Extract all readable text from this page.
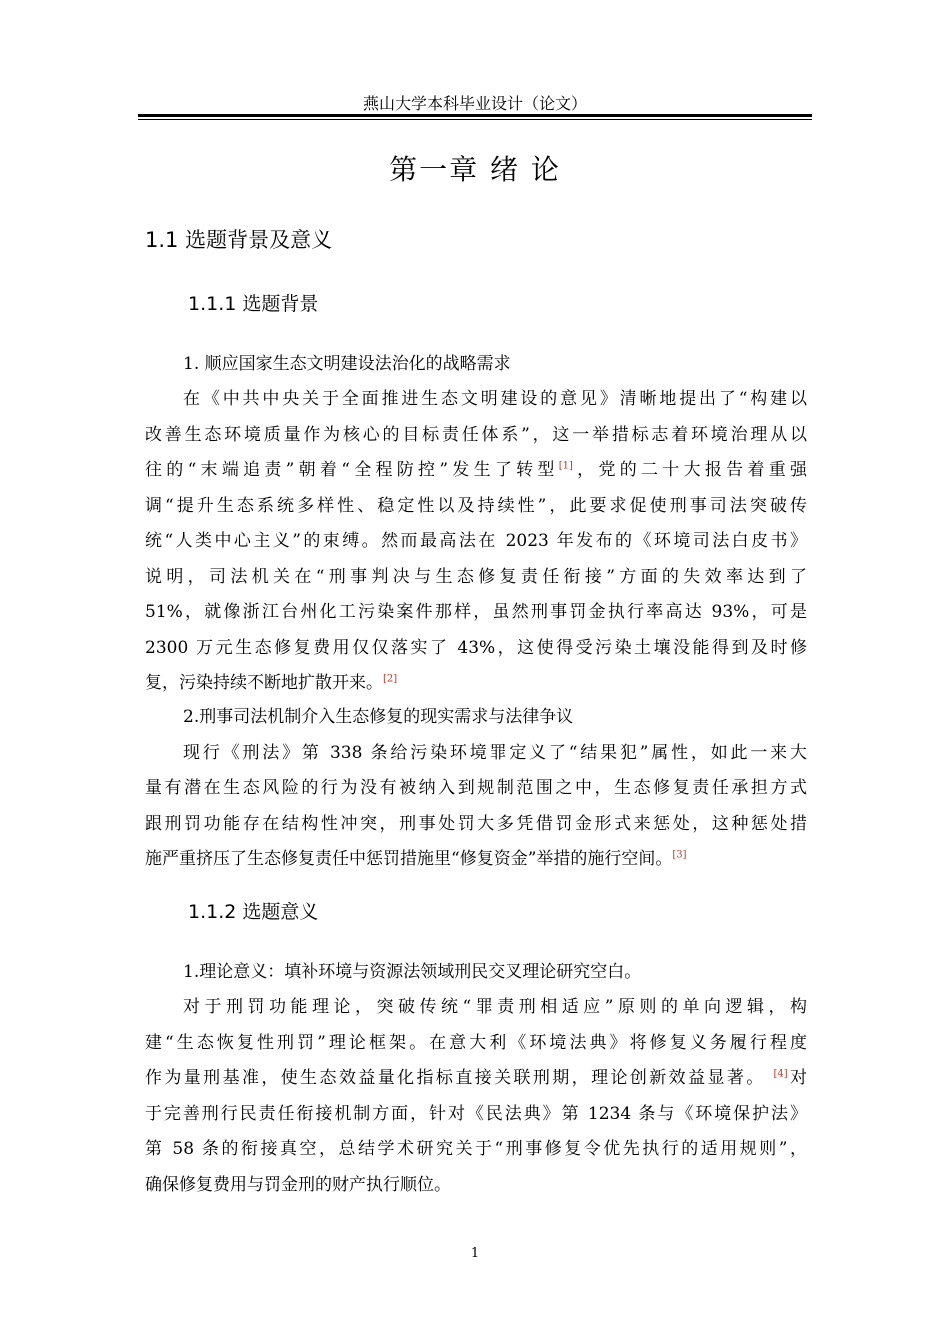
燕山大学本科毕业设计（论文）
第一章 绪 论
1.1 选题背景及意义
1.1.1 选题背景
1. 顺应国家生态文明建设法治化的战略需求
在《中共中央关于全面推进生态文明建设的意见》清晰地提出了“构建以
改善生态环境质量作为核心的目标责任体系”，这一举措标志着环境治理从以
往的“末端追责”朝着“全程防控”发生了转型[1]，党的二十大报告着重强
调“提升生态系统多样性、稳定性以及持续性”，此要求促使刑事司法突破传
统“人类中心主义”的束缚。然而最高法在 2023 年发布的《环境司法白皮书》
说明，司法机关在“刑事判决与生态修复责任衔接”方面的失效率达到了
51%，就像浙江台州化工污染案件那样，虽然刑事罚金执行率高达 93%，可是
2300 万元生态修复费用仅仅落实了 43%，这使得受污染土壤没能得到及时修
复，污染持续不断地扩散开来。[2]
2.刑事司法机制介入生态修复的现实需求与法律争议
现行《刑法》第 338 条给污染环境罪定义了“结果犯”属性，如此一来大
量有潜在生态风险的行为没有被纳入到规制范围之中，生态修复责任承担方式
跟刑罚功能存在结构性冲突，刑事处罚大多凭借罚金形式来惩处，这种惩处措
施严重挤压了生态修复责任中惩罚措施里“修复资金”举措的施行空间。[3]
1.1.2 选题意义
1.理论意义：填补环境与资源法领域刑民交叉理论研究空白。
对于刑罚功能理论，突破传统“罪责刑相适应”原则的单向逻辑，构
建“生态恢复性刑罚”理论框架。在意大利《环境法典》将修复义务履行程度
作为量刑基准，使生态效益量化指标直接关联刑期，理论创新效益显著。 [4]对
于完善刑行民责任衔接机制方面，针对《民法典》第 1234 条与《环境保护法》
第 58 条的衔接真空，总结学术研究关于“刑事修复令优先执行的适用规则”，
确保修复费用与罚金刑的财产执行顺位。
1
